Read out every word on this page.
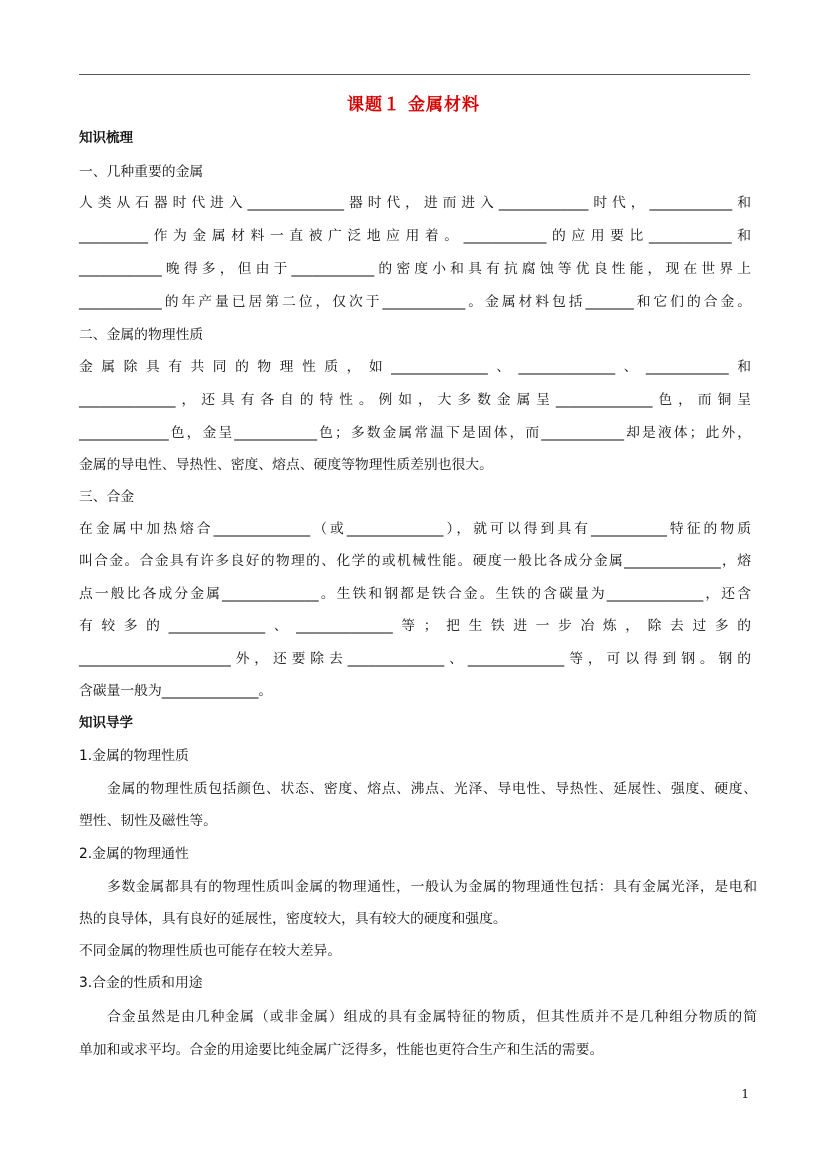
课题１ 金属材料
知识梳理
一、几种重要的金属
人类从石器时代进入______________器时代，进而进入_____________时代，____________和
__________作为金属材料一直被广泛地应用着。____________的应用要比____________和
____________晚得多，但由于____________的密度小和具有抗腐蚀等优良性能，现在世界上
____________的年产量已居第二位，仅次于____________。金属材料包括_______和它们的合金。
二、金属的物理性质
金属除具有共同的物理性质，如______________、______________、____________和
______________，还具有各自的特性。例如，大多数金属呈______________色，而铜呈
_____________色，金呈____________色；多数金属常温下是固体，而____________却是液体；此外，
金属的导电性、导热性、密度、熔点、硬度等物理性质差别也很大。
三、合金
在金属中加热熔合______________（或______________），就可以得到具有___________特征的物质
叫合金。合金具有许多良好的物理的、化学的或机械性能。硬度一般比各成分金属______________，熔
点一般比各成分金属______________。生铁和钢都是铁合金。生铁的含碳量为______________，还含
有较多的______________、______________等；把生铁进一步冶炼，除去过多的
______________________外，还要除去______________、______________等，可以得到钢。钢的
含碳量一般为______________。
知识导学
1.金属的物理性质
金属的物理性质包括颜色、状态、密度、熔点、沸点、光泽、导电性、导热性、延展性、强度、硬度、
塑性、韧性及磁性等。
2.金属的物理通性
多数金属都具有的物理性质叫金属的物理通性，一般认为金属的物理通性包括：具有金属光泽，是电和
热的良导体，具有良好的延展性，密度较大，具有较大的硬度和强度。
不同金属的物理性质也可能存在较大差异。
3.合金的性质和用途
合金虽然是由几种金属（或非金属）组成的具有金属特征的物质，但其性质并不是几种组分物质的简
单加和或求平均。合金的用途要比纯金属广泛得多，性能也更符合生产和生活的需要。
1
